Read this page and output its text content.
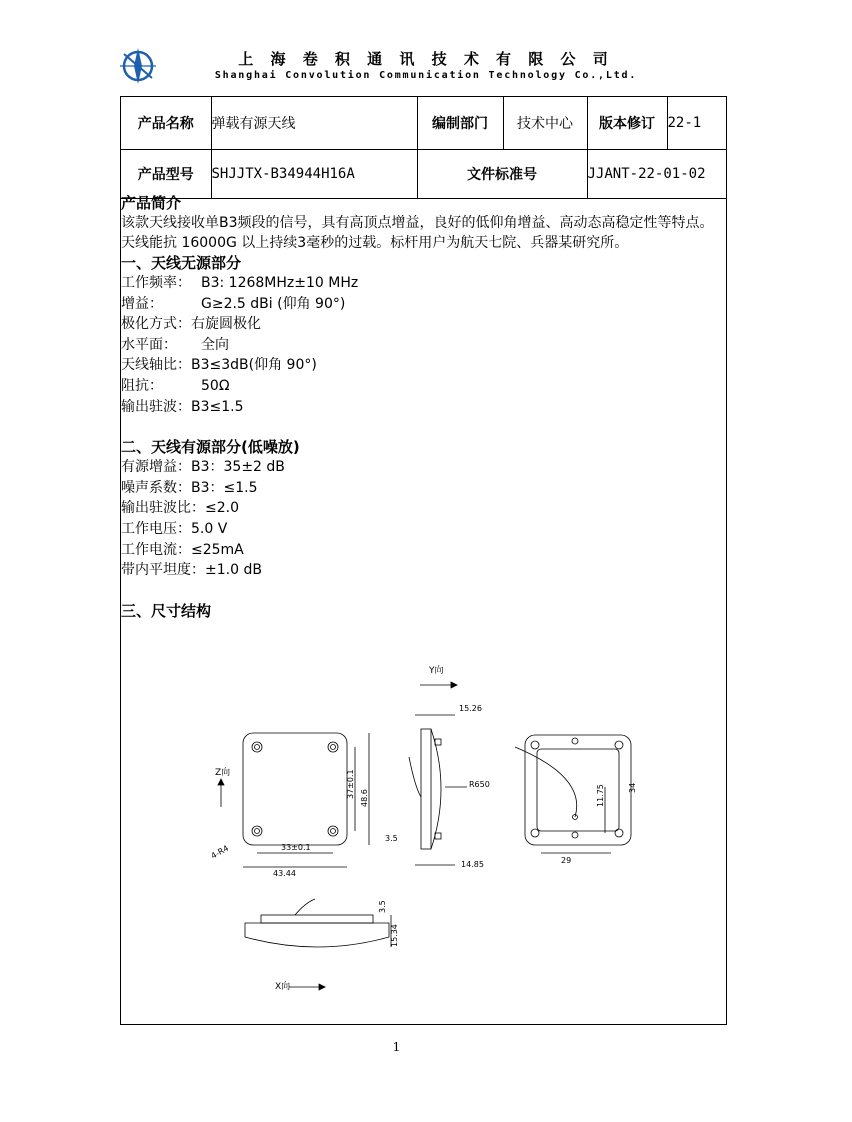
上 海 卷 积 通 讯 技 术 有 限 公 司
Shanghai Convolution Communication Technology Co.,Ltd.
产品名称	弹载有源天线	编制部门	技术中心	版本修订	22-1
产品型号	SHJJTX-B34944H16A	文件标准号		JJANT-22-01-02	
产品简介

该款天线接收单B3频段的信号，具有高顶点增益，良好的低仰角增益、高动态高稳定性等特点。天线能抗 16000G 以上持续3毫秒的过载。标杆用户为航天七院、兵器某研究所。

一、天线无源部分
工作频率： B3: 1268MHz±10 MHz
增益：	G≥2.5 dBi (仰角 90°)
极化方式：右旋圆极化
水平面： 全向
天线轴比：B3≤3dB(仰角 90°)
阻抗：	50Ω
输出驻波：B3≤1.5
二、天线有源部分(低噪放)
有源增益：B3：35±2 dB
噪声系数：B3：≤1.5
输出驻波比：≤2.0
工作电压：5.0 V
工作电流：≤25mA
带内平坦度：±1.0 dB
三、尺寸结构
Y向
Z向	37±0.1 48.6
33±0.1
43.44
4-R4
15.26
R650
3.5
14.85
11.75	34
29
3.5
15.34
X向
1
